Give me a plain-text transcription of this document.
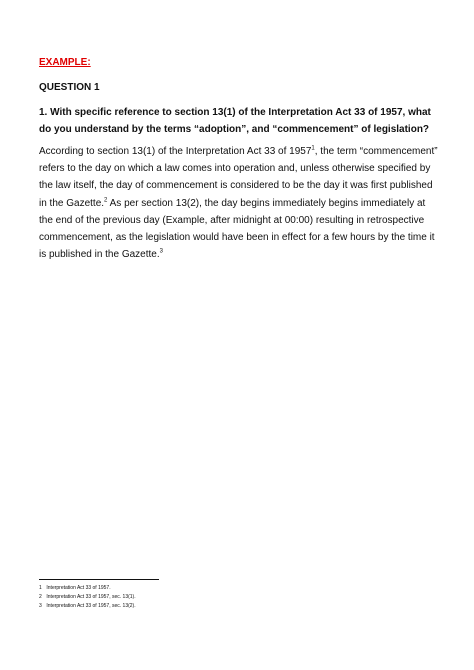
EXAMPLE:
QUESTION 1
1. With specific reference to section 13(1) of the Interpretation Act 33 of 1957, what do you understand by the terms “adoption”, and “commencement” of legislation?
According to section 13(1) of the Interpretation Act 33 of 1957$^1$, the term “commencement” refers to the day on which a law comes into operation and, unless otherwise specified by the law itself, the day of commencement is considered to be the day it was first published in the Gazette.$^2$ As per section 13(2), the day begins immediately begins immediately at the end of the previous day (Example, after midnight at 00:00) resulting in retrospective commencement, as the legislation would have been in effect for a few hours by the time it is published in the Gazette.$^3$
1 Interpretation Act 33 of 1957.
2 Interpretation Act 33 of 1957, sec. 13(1).
3 Interpretation Act 33 of 1957, sec. 13(2).
